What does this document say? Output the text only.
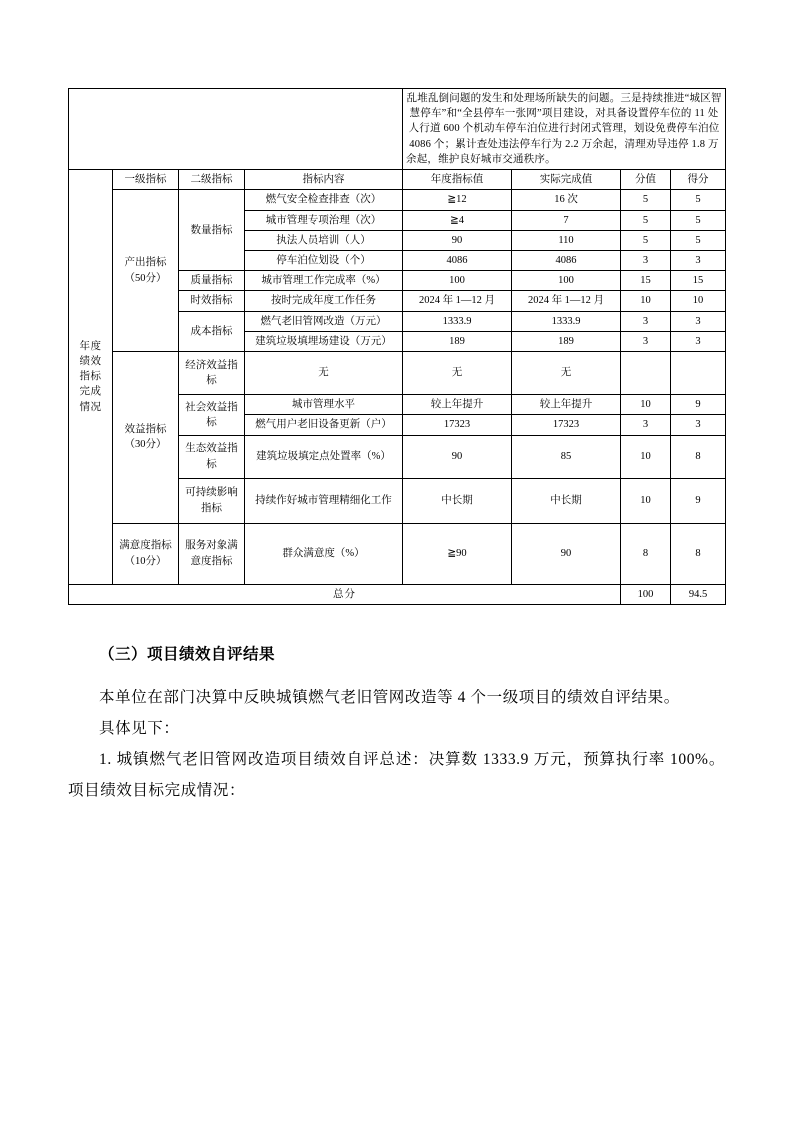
				乱堆乱倒问题的发生和处理场所缺失的问题。三是持续推进“城区智慧停车”和“全县停车一张网”项目建设，对具备设置停车位的 11 处人行道 600 个机动车停车泊位进行封闭式管理，划设免费停车泊位 4086 个；累计查处违法停车行为 2.2 万余起，清理劝导违停 1.8 万余起，维护良好城市交通秩序。			
年度
绩效
指标
完成
情况	一级指标	二级指标	指标内容	年度指标值	实际完成值	分值	得分
	产出指标（50分）	数量指标	燃气安全检查排查（次）	≧12	16 次	5	5
			城市管理专项治理（次）	≧4	7	5	5
			执法人员培训（人）	90	110	5	5
			停车泊位划设（个）	4086	4086	3	3
		质量指标	城市管理工作完成率（%）	100	100	15	15
		时效指标	按时完成年度工作任务	2024 年 1—12 月	2024 年 1—12 月	10	10
		成本指标	燃气老旧管网改造（万元）	1333.9	1333.9	3	3
			建筑垃圾填埋场建设（万元）	189	189	3	3
	效益指标（30分）	经济效益指标	无	无	无		
		社会效益指标	城市管理水平	较上年提升	较上年提升	10	9
			燃气用户老旧设备更新（户）	17323	17323	3	3
		生态效益指标	建筑垃圾填定点处置率（%）	90	85	10	8
		可持续影响指标	持续作好城市管理精细化工作	中长期	中长期	10	9
	满意度指标（10分）	服务对象满意度指标	群众满意度（%）	≧90	90	8	8
总分						100	94.5

（三）项目绩效自评结果

本单位在部门决算中反映城镇燃气老旧管网改造等 4 个一级项目的绩效自评结果。

具体见下：

1. 城镇燃气老旧管网改造项目绩效自评总述：决算数 1333.9 万元，预算执行率 100%。项目绩效目标完成情况：
